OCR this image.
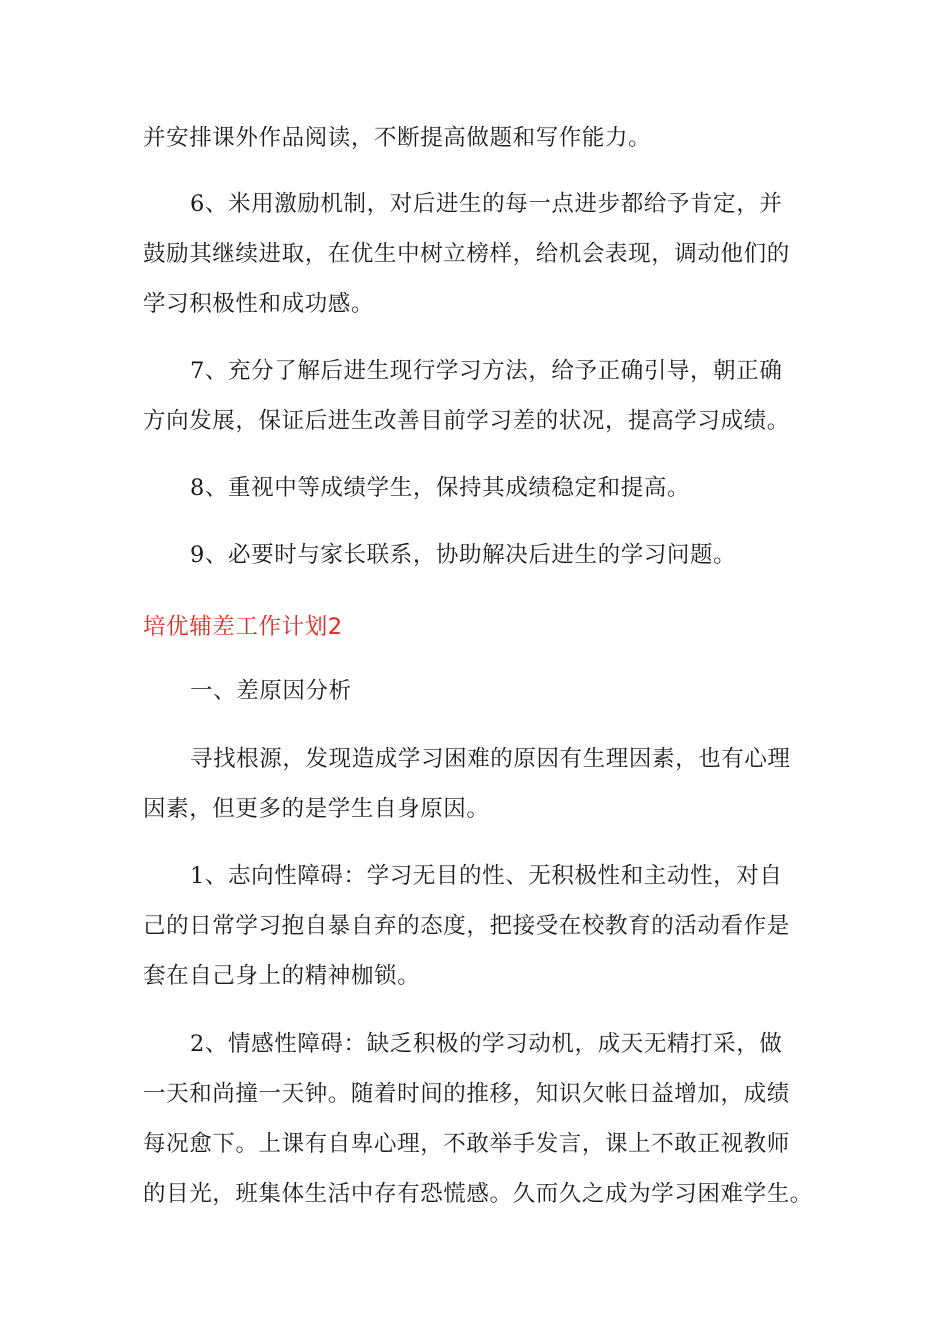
并安排课外作品阅读，不断提高做题和写作能力。
6、米用激励机制，对后进生的每一点进步都给予肯定，并
鼓励其继续进取，在优生中树立榜样，给机会表现，调动他们的
学习积极性和成功感。
7、充分了解后进生现行学习方法，给予正确引导，朝正确
方向发展，保证后进生改善目前学习差的状况，提高学习成绩。
8、重视中等成绩学生，保持其成绩稳定和提高。
9、必要时与家长联系，协助解决后进生的学习问题。
培优辅差工作计划2
一、差原因分析
寻找根源，发现造成学习困难的原因有生理因素，也有心理
因素，但更多的是学生自身原因。
1、志向性障碍：学习无目的性、无积极性和主动性，对自
己的日常学习抱自暴自弃的态度，把接受在校教育的活动看作是
套在自己身上的精神枷锁。
2、情感性障碍：缺乏积极的学习动机，成天无精打采，做
一天和尚撞一天钟。随着时间的推移，知识欠帐日益增加，成绩
每况愈下。上课有自卑心理，不敢举手发言，课上不敢正视教师
的目光，班集体生活中存有恐慌感。久而久之成为学习困难学生。
